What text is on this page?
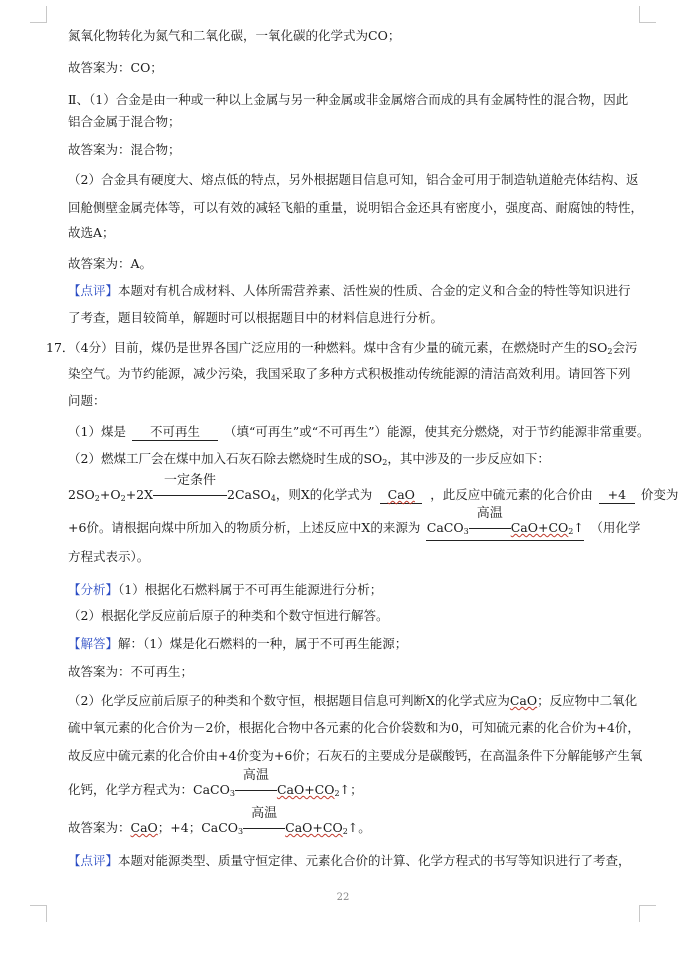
氮氧化物转化为氮气和二氧化碳，一氧化碳的化学式为CO；
故答案为：CO；
Ⅱ、（1）合金是由一种或一种以上金属与另一种金属或非金属熔合而成的具有金属特性的混合物，因此
铝合金属于混合物；
故答案为：混合物；
（2）合金具有硬度大、熔点低的特点，另外根据题目信息可知，铝合金可用于制造轨道舱壳体结构、返
回舱侧壁金属壳体等，可以有效的减轻飞船的重量，说明铝合金还具有密度小，强度高、耐腐蚀的特性，
故选A；
故答案为：A。
【点评】本题对有机合成材料、人体所需营养素、活性炭的性质、合金的定义和合金的特性等知识进行
了考查，题目较简单，解题时可以根据题目中的材料信息进行分析。
17．（4分）目前，煤仍是世界各国广泛应用的一种燃料。煤中含有少量的硫元素，在燃烧时产生的$SO_2$会污
染空气。为节约能源，减少污染，我国采取了多种方式积极推动传统能源的清洁高效利用。请回答下列
问题：
（1）煤是 不可再生 （填“可再生”或“不可再生”）能源，使其充分燃烧，对于节约能源非常重要。
（2）燃煤工厂会在煤中加入石灰石除去燃烧时生成的$SO_2$，其中涉及的一步反应如下：
$2SO_2+O_2+2X$
一定条件
2CaSO$_4$，则X的化学式为 CaO ，此反应中硫元素的化合价由 +4 价变为
+6价。请根据向煤中所加入的物质分析，上述反应中X的来源为 CaCO$_3$
高温
$CaO+CO_2↑$ （用化学
方程式表示）。
【分析】（1）根据化石燃料属于不可再生能源进行分析；
（2）根据化学反应前后原子的种类和个数守恒进行解答。
【解答】解：（1）煤是化石燃料的一种，属于不可再生能源；
故答案为：不可再生；
（2）化学反应前后原子的种类和个数守恒，根据题目信息可判断X的化学式应为CaO；反应物中二氧化
硫中氧元素的化合价为－2价，根据化合物中各元素的化合价袋数和为0，可知硫元素的化合价为+4价，
故反应中硫元素的化合价由+4价变为+6价；石灰石的主要成分是碳酸钙，在高温条件下分解能够产生氧
化钙，化学方程式为：CaCO$_3$
高温
$CaO+CO_2↑$；
故答案为：CaO；+4；CaCO$_3$
高温
$CaO+CO_2↑$。
【点评】本题对能源类型、质量守恒定律、元素化合价的计算、化学方程式的书写等知识进行了考查，
22
